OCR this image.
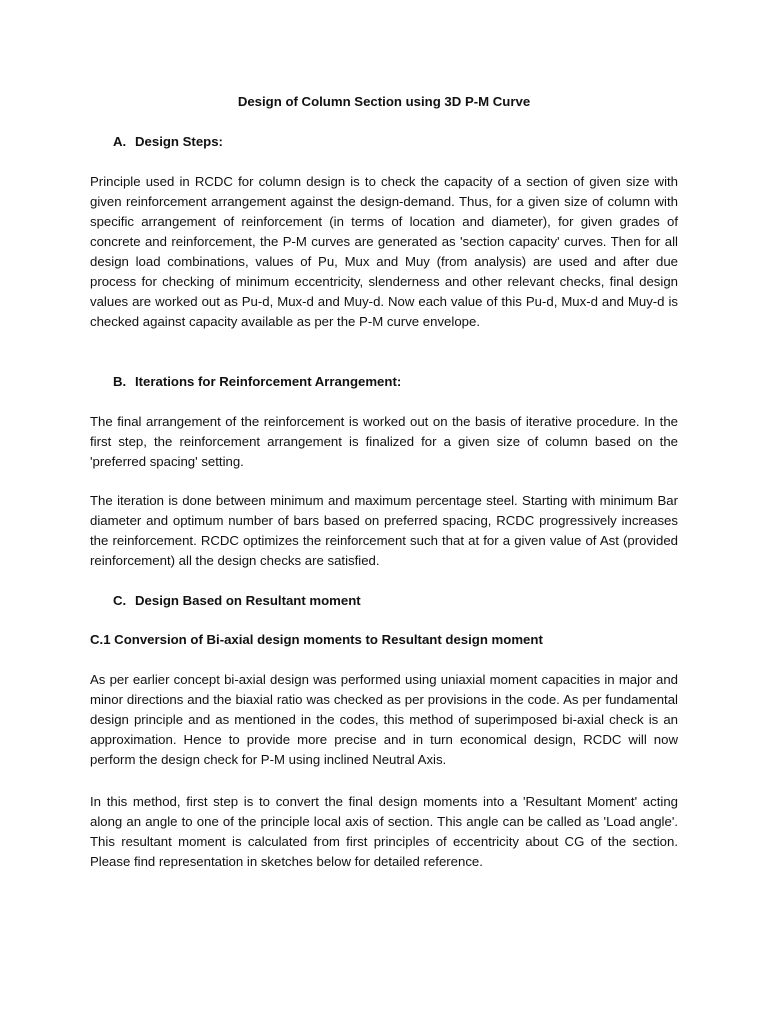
Design of Column Section using 3D P-M Curve
A. Design Steps:
Principle used in RCDC for column design is to check the capacity of a section of given size with given reinforcement arrangement against the design-demand. Thus, for a given size of column with specific arrangement of reinforcement (in terms of location and diameter), for given grades of concrete and reinforcement, the P-M curves are generated as 'section capacity' curves. Then for all design load combinations, values of Pu, Mux and Muy (from analysis) are used and after due process for checking of minimum eccentricity, slenderness and other relevant checks, final design values are worked out as Pu-d, Mux-d and Muy-d. Now each value of this Pu-d, Mux-d and Muy-d is checked against capacity available as per the P-M curve envelope.
B. Iterations for Reinforcement Arrangement:
The final arrangement of the reinforcement is worked out on the basis of iterative procedure. In the first step, the reinforcement arrangement is finalized for a given size of column based on the 'preferred spacing' setting.
The iteration is done between minimum and maximum percentage steel. Starting with minimum Bar diameter and optimum number of bars based on preferred spacing, RCDC progressively increases the reinforcement. RCDC optimizes the reinforcement such that at for a given value of Ast (provided reinforcement) all the design checks are satisfied.
C. Design Based on Resultant moment
C.1 Conversion of Bi-axial design moments to Resultant design moment
As per earlier concept bi-axial design was performed using uniaxial moment capacities in major and minor directions and the biaxial ratio was checked as per provisions in the code. As per fundamental design principle and as mentioned in the codes, this method of superimposed bi-axial check is an approximation. Hence to provide more precise and in turn economical design, RCDC will now perform the design check for P-M using inclined Neutral Axis.
In this method, first step is to convert the final design moments into a 'Resultant Moment' acting along an angle to one of the principle local axis of section. This angle can be called as 'Load angle'. This resultant moment is calculated from first principles of eccentricity about CG of the section. Please find representation in sketches below for detailed reference.
